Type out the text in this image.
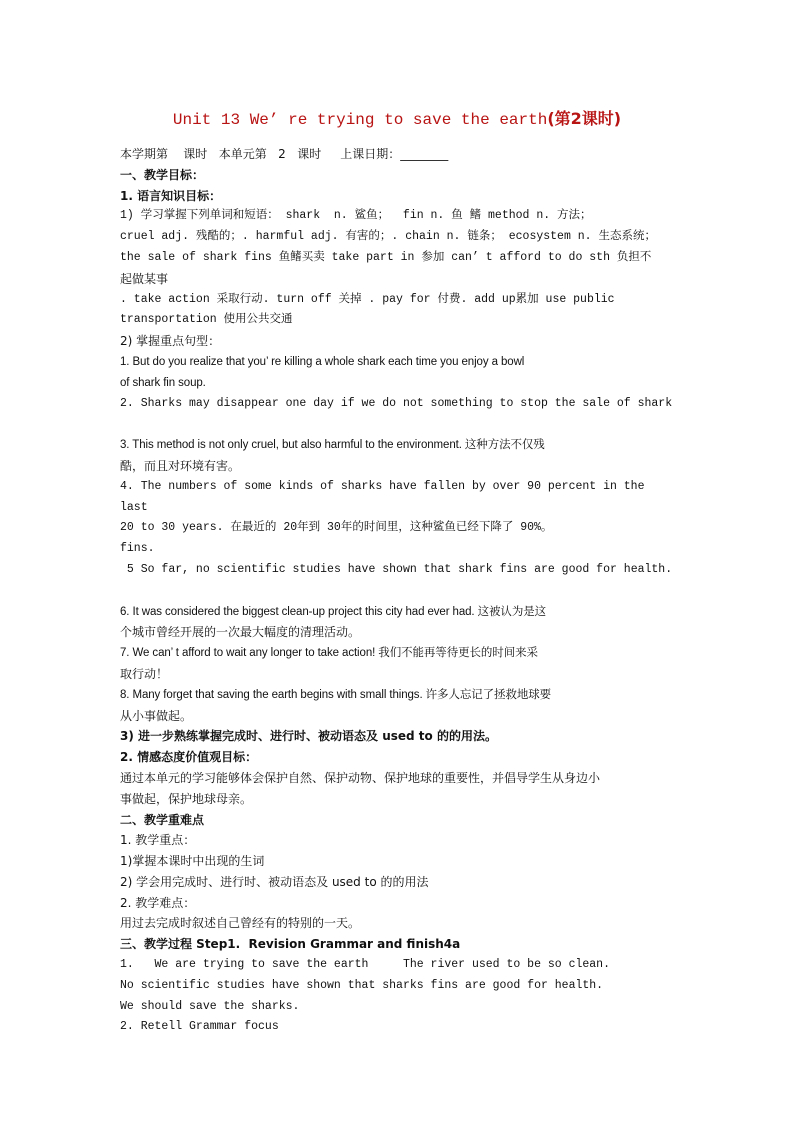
Unit 13 We’ re trying to save the earth(第2课时)
本学期第    课时   本单元第   2   课时     上课日期：________
一、教学目标：
1. 语言知识目标：
1) 学习掌握下列单词和短语： shark  n. 鲨鱼；  fin n. 鱼 鳍 method n. 方法；
cruel adj. 残酷的；. harmful adj. 有害的；. chain n. 链条； ecosystem n. 生态系统；
the sale of shark fins 鱼鳍买卖 take part in 参加 can’ t afford to do sth 负担不
起做某事
. take action 采取行动. turn off 关掉 . pay for 付费. add up累加 use public
transportation 使用公共交通
2) 掌握重点句型：
1. But do you realize that you’ re killing a whole shark each time you enjoy a bowl
of shark fin soup.
2. Sharks may disappear one day if we do not something to stop the sale of shark
3. This method is not only cruel, but also harmful to the environment. 这种方法不仅残
酷，而且对环境有害。
4. The numbers of some kinds of sharks have fallen by over 90 percent in the last
20 to 30 years. 在最近的 20年到 30年的时间里，这种鲨鱼已经下降了 90%。
fins.
5 So far, no scientific studies have shown that shark fins are good for health.
6. It was considered the biggest clean-up project this city had ever had. 这被认为是这
个城市曾经开展的一次最大幅度的清理活动。
7. We can’ t afford to wait any longer to take action! 我们不能再等待更长的时间来采
取行动！
8. Many forget that saving the earth begins with small things. 许多人忘记了拯救地球要
从小事做起。
3) 进一步熟练掌握完成时、进行时、被动语态及 used to 的的用法。
2. 情感态度价值观目标：
通过本单元的学习能够体会保护自然、保护动物、保护地球的重要性，并倡导学生从身边小
事做起，保护地球母亲。
二、教学重难点
1. 教学重点：
1)掌握本课时中出现的生词
2) 学会用完成时、进行时、被动语态及 used to 的的用法
2. 教学难点：
用过去完成时叙述自己曾经有的特别的一天。
三、教学过程 Step1.  Revision Grammar and finish4a
1.   We are trying to save the earth     The river used to be so clean.
No scientific studies have shown that sharks fins are good for health.
We should save the sharks.
2. Retell Grammar focus
